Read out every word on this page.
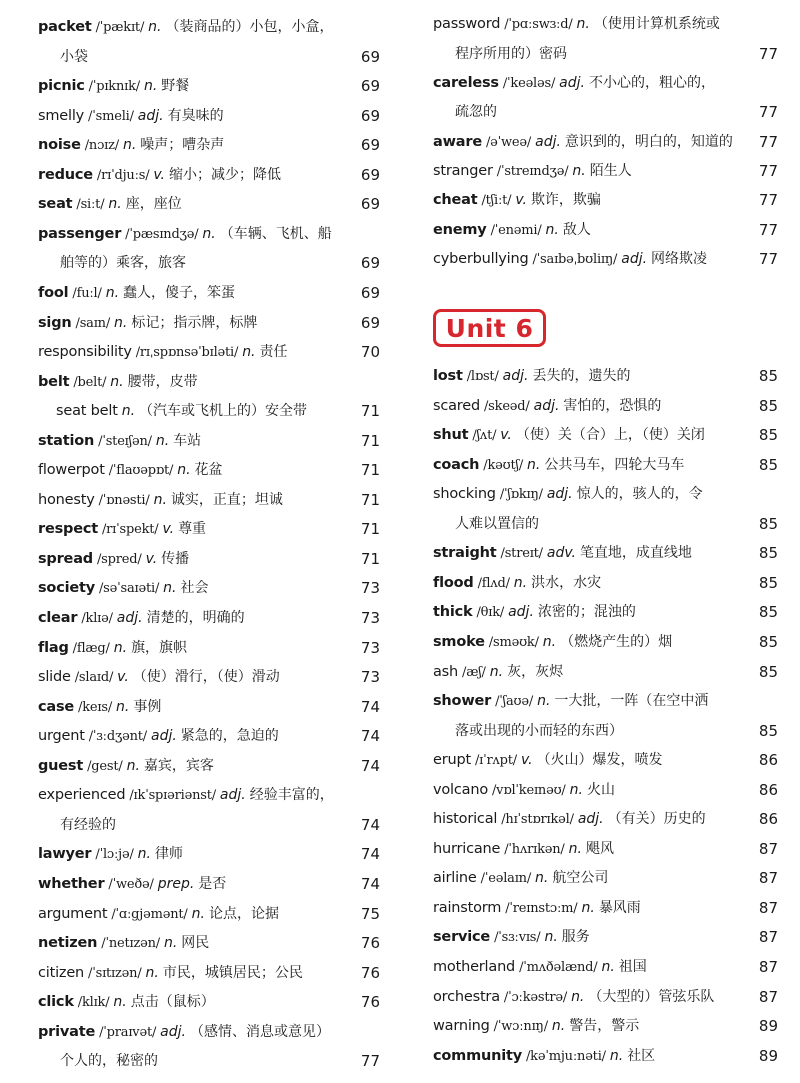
packet /ˈpækɪt/ n. （装商品的）小包，小盒，
小袋	69
picnic /ˈpɪknɪk/ n. 野餐	69
smelly /ˈsmeli/ adj. 有臭味的	69
noise /nɔɪz/ n. 噪声；嘈杂声	69
reduce /rɪˈdjuːs/ v. 缩小；减少；降低	69
seat /siːt/ n. 座，座位	69
passenger /ˈpæsɪndʒə/ n. （车辆、飞机、船
舶等的）乘客，旅客	69
fool /fuːl/ n. 蠢人，傻子，笨蛋	69
sign /saɪn/ n. 标记；指示牌，标牌	69
responsibility /rɪˌspɒnsəˈbɪləti/ n. 责任	70
belt /belt/ n. 腰带，皮带
seat belt n. （汽车或飞机上的）安全带	71
station /ˈsteɪʃən/ n. 车站	71
flowerpot /ˈflaʊəpɒt/ n. 花盆	71
honesty /ˈɒnəsti/ n. 诚实，正直；坦诚	71
respect /rɪˈspekt/ v. 尊重	71
spread /spred/ v. 传播	71
society /səˈsaɪəti/ n. 社会	73
clear /klɪə/ adj. 清楚的，明确的	73
flag /flæg/ n. 旗，旗帜	73
slide /slaɪd/ v. （使）滑行，（使）滑动	73
case /keɪs/ n. 事例	74
urgent /ˈɜːdʒənt/ adj. 紧急的，急迫的	74
guest /gest/ n. 嘉宾，宾客	74
experienced /ɪkˈspɪəriənst/ adj. 经验丰富的，
有经验的	74
lawyer /ˈlɔːjə/ n. 律师	74
whether /ˈweðə/ prep. 是否	74
argument /ˈɑːgjəmənt/ n. 论点，论据	75
netizen /ˈnetɪzən/ n. 网民	76
citizen /ˈsɪtɪzən/ n. 市民，城镇居民；公民	76
click /klɪk/ n. 点击（鼠标）	76
private /ˈpraɪvət/ adj. （感情、消息或意见）
个人的，秘密的	77
password /ˈpɑːswɜːd/ n. （使用计算机系统或
程序所用的）密码	77
careless /ˈkeələs/ adj. 不小心的，粗心的，
疏忽的	77
aware /əˈweə/ adj. 意识到的，明白的，知道的	77
stranger /ˈstreɪndʒə/ n. 陌生人	77
cheat /tʃiːt/ v. 欺诈，欺骗	77
enemy /ˈenəmi/ n. 敌人	77
cyberbullying /ˈsaɪbəˌbʊliɪŋ/ adj. 网络欺凌	77
lost /lɒst/ adj. 丢失的，遗失的	85
scared /skeəd/ adj. 害怕的，恐惧的	85
shut /ʃʌt/ v. （使）关（合）上，（使）关闭	85
coach /kəʊtʃ/ n. 公共马车，四轮大马车	85
shocking /ˈʃɒkɪŋ/ adj. 惊人的，骇人的，令
人难以置信的	85
straight /streɪt/ adv. 笔直地，成直线地	85
flood /flʌd/ n. 洪水，水灾	85
thick /θɪk/ adj. 浓密的；混浊的	85
smoke /sməʊk/ n. （燃烧产生的）烟	85
ash /æʃ/ n. 灰，灰烬	85
shower /ˈʃaʊə/ n. 一大批，一阵（在空中洒
落或出现的小而轻的东西）	85
erupt /ɪˈrʌpt/ v. （火山）爆发，喷发	86
volcano /vɒlˈkeɪnəʊ/ n. 火山	86
historical /hɪˈstɒrɪkəl/ adj. （有关）历史的	86
hurricane /ˈhʌrɪkən/ n. 飓风	87
airline /ˈeəlaɪn/ n. 航空公司	87
rainstorm /ˈreɪnstɔːm/ n. 暴风雨	87
service /ˈsɜːvɪs/ n. 服务	87
motherland /ˈmʌðəlænd/ n. 祖国	87
orchestra /ˈɔːkəstrə/ n. （大型的）管弦乐队	87
warning /ˈwɔːnɪŋ/ n. 警告，警示	89
community /kəˈmjuːnəti/ n. 社区	89
Unit 6
